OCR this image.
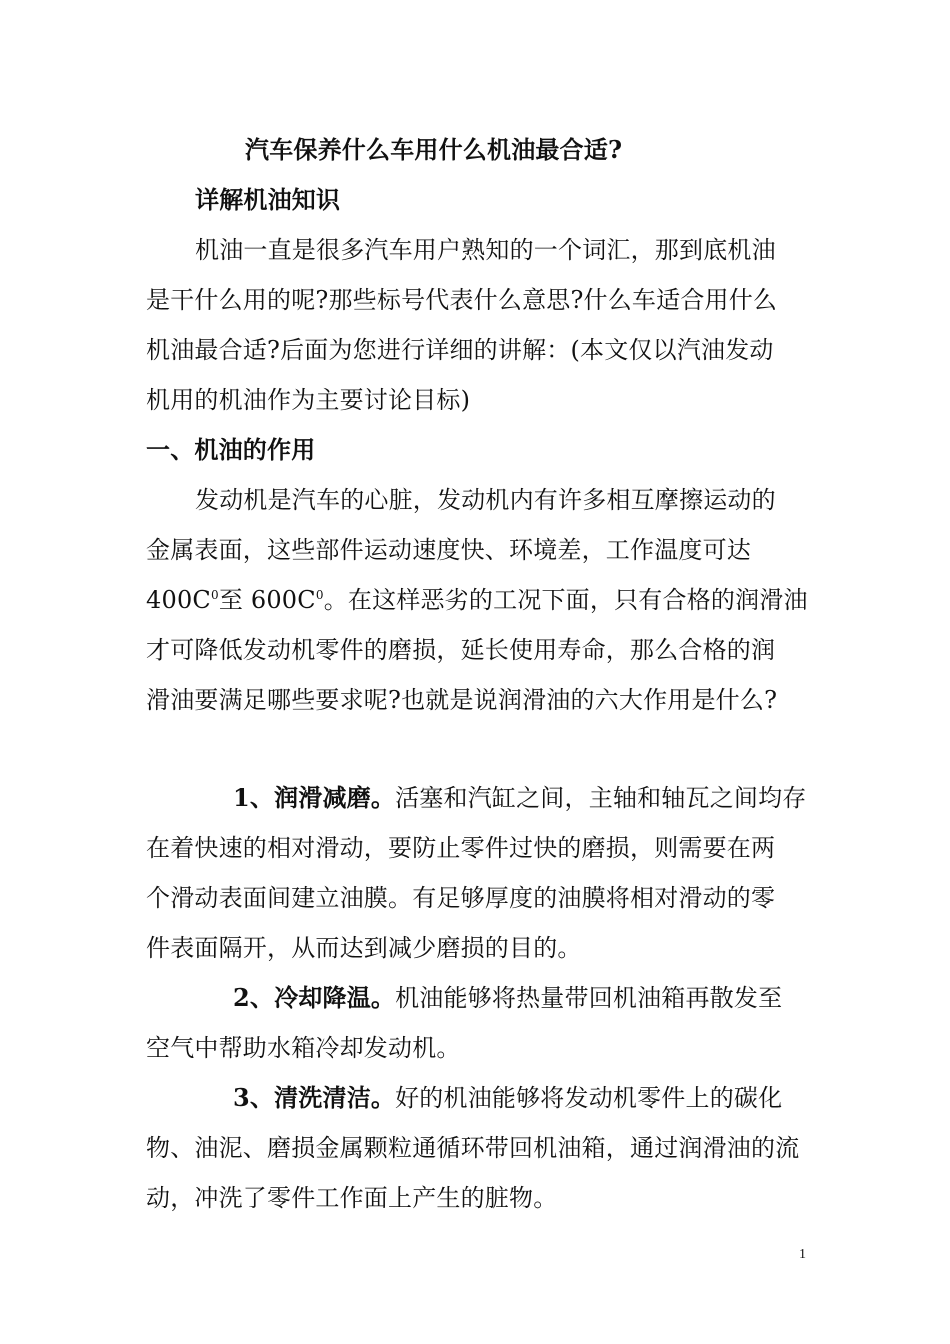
汽车保养什么车用什么机油最合适?
详解机油知识
机油一直是很多汽车用户熟知的一个词汇，那到底机油
是干什么用的呢?那些标号代表什么意思?什么车适合用什么
机油最合适?后面为您进行详细的讲解：(本文仅以汽油发动
机用的机油作为主要讨论目标)
一、机油的作用
发动机是汽车的心脏，发动机内有许多相互摩擦运动的
金属表面，这些部件运动速度快、环境差，工作温度可达
$400C^0$至 $600C^0$。在这样恶劣的工况下面，只有合格的润滑油
才可降低发动机零件的磨损，延长使用寿命，那么合格的润
滑油要满足哪些要求呢?也就是说润滑油的六大作用是什么?
1、润滑减磨。活塞和汽缸之间，主轴和轴瓦之间均存
在着快速的相对滑动，要防止零件过快的磨损，则需要在两
个滑动表面间建立油膜。有足够厚度的油膜将相对滑动的零
件表面隔开，从而达到减少磨损的目的。
2、冷却降温。机油能够将热量带回机油箱再散发至
空气中帮助水箱冷却发动机。
3、清洗清洁。好的机油能够将发动机零件上的碳化
物、油泥、磨损金属颗粒通循环带回机油箱，通过润滑油的流
动，冲洗了零件工作面上产生的脏物。
1
